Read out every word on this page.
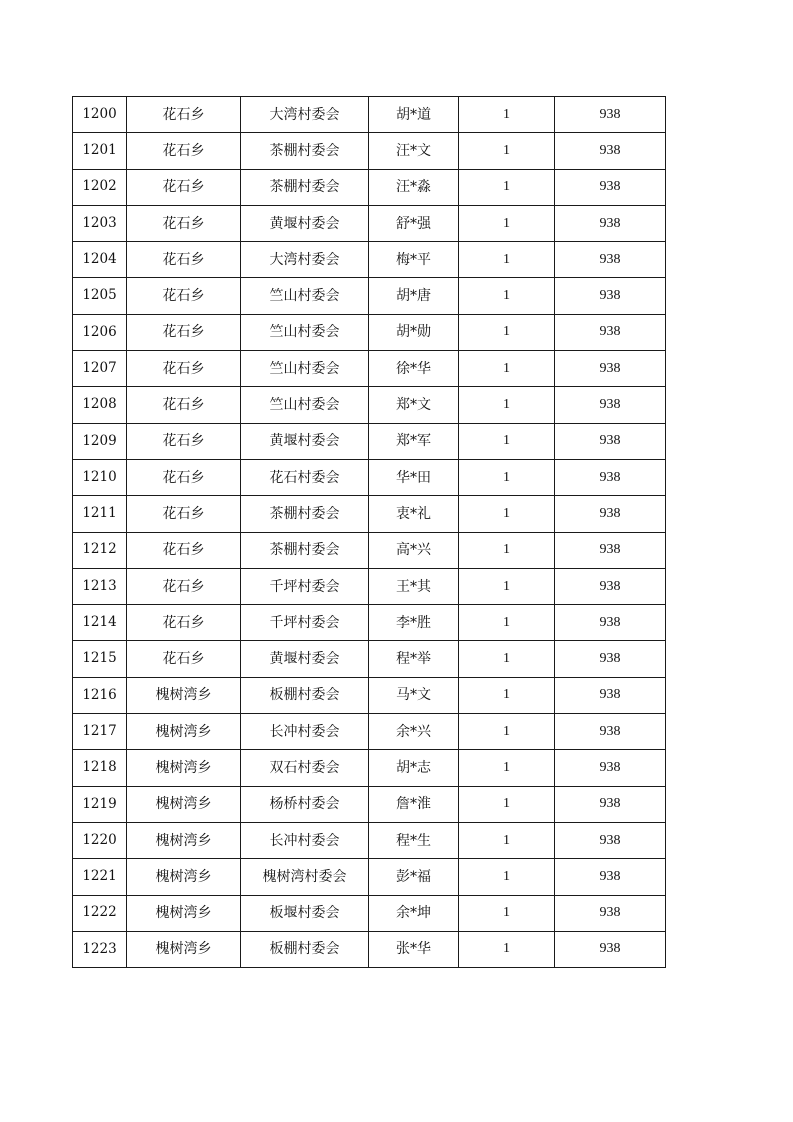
1200	花石乡	大湾村委会	胡*道	1	938
1201	花石乡	茶棚村委会	汪*文	1	938
1202	花石乡	茶棚村委会	汪*淼	1	938
1203	花石乡	黄堰村委会	舒*强	1	938
1204	花石乡	大湾村委会	梅*平	1	938
1205	花石乡	竺山村委会	胡*唐	1	938
1206	花石乡	竺山村委会	胡*勋	1	938
1207	花石乡	竺山村委会	徐*华	1	938
1208	花石乡	竺山村委会	郑*文	1	938
1209	花石乡	黄堰村委会	郑*军	1	938
1210	花石乡	花石村委会	华*田	1	938
1211	花石乡	茶棚村委会	衷*礼	1	938
1212	花石乡	茶棚村委会	高*兴	1	938
1213	花石乡	千坪村委会	王*其	1	938
1214	花石乡	千坪村委会	李*胜	1	938
1215	花石乡	黄堰村委会	程*举	1	938
1216	槐树湾乡	板棚村委会	马*文	1	938
1217	槐树湾乡	长冲村委会	余*兴	1	938
1218	槐树湾乡	双石村委会	胡*志	1	938
1219	槐树湾乡	杨桥村委会	詹*淮	1	938
1220	槐树湾乡	长冲村委会	程*生	1	938
1221	槐树湾乡	槐树湾村委会	彭*福	1	938
1222	槐树湾乡	板堰村委会	余*坤	1	938
1223	槐树湾乡	板棚村委会	张*华	1	938
